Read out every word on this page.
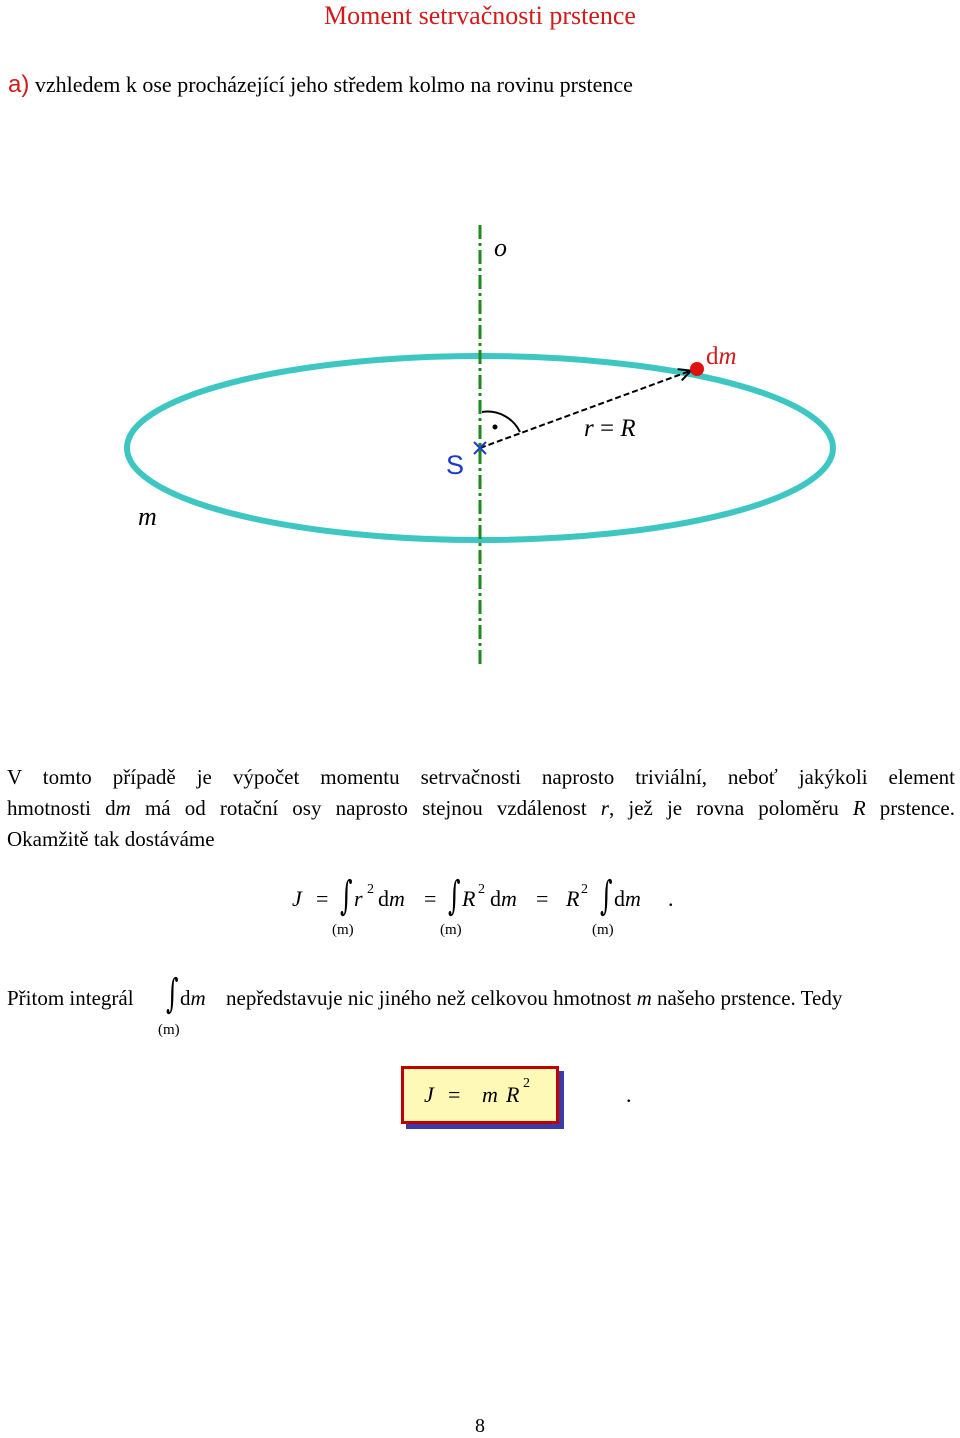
Moment setrvačnosti prstence
a) vzhledem k ose procházející jeho středem kolmo na rovinu prstence
o
S
dm
r = R
m
V tomto případě je výpočet momentu setrvačnosti naprosto triviální, neboť jakýkoli element
hmotnosti dm má od rotační osy naprosto stejnou vzdálenost r, jež je rovna poloměru R prstence.
Okamžitě tak dostáváme
J = ∫ r 2 dm
(m)
= ∫ R 2 dm
(m)
= R 2 ∫ dm
(m)
.
Přitom integrál ∫ dm
(m)
nepředstavuje nic jiného než celkovou hmotnost m našeho prstence. Tedy
J = m R 2	.
8
